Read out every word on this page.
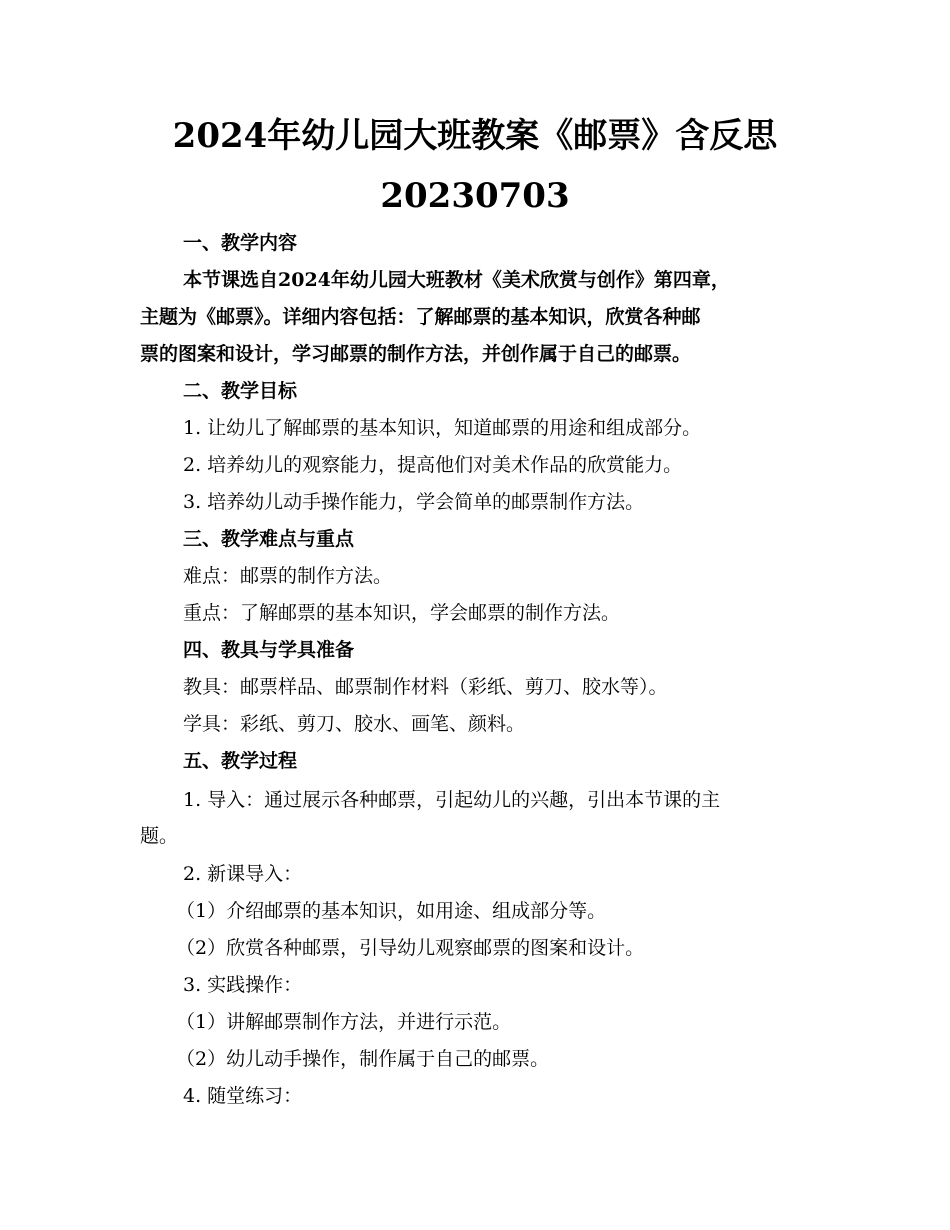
2024年幼儿园大班教案《邮票》含反思
20230703
一、教学内容
本节课选自2024年幼儿园大班教材《美术欣赏与创作》第四章，
主题为《邮票》。详细内容包括：了解邮票的基本知识，欣赏各种邮
票的图案和设计，学习邮票的制作方法，并创作属于自己的邮票。
二、教学目标
1. 让幼儿了解邮票的基本知识，知道邮票的用途和组成部分。
2. 培养幼儿的观察能力，提高他们对美术作品的欣赏能力。
3. 培养幼儿动手操作能力，学会简单的邮票制作方法。
三、教学难点与重点
难点：邮票的制作方法。
重点：了解邮票的基本知识，学会邮票的制作方法。
四、教具与学具准备
教具：邮票样品、邮票制作材料（彩纸、剪刀、胶水等）。
学具：彩纸、剪刀、胶水、画笔、颜料。
五、教学过程
1. 导入：通过展示各种邮票，引起幼儿的兴趣，引出本节课的主
题。
2. 新课导入：
（1）介绍邮票的基本知识，如用途、组成部分等。
（2）欣赏各种邮票，引导幼儿观察邮票的图案和设计。
3. 实践操作：
（1）讲解邮票制作方法，并进行示范。
（2）幼儿动手操作，制作属于自己的邮票。
4. 随堂练习：
